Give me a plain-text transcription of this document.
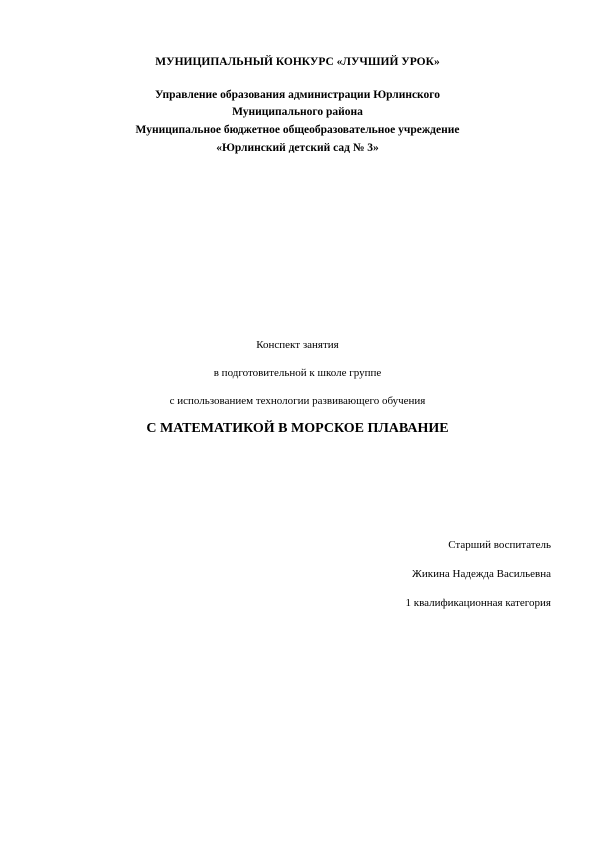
МУНИЦИПАЛЬНЫЙ КОНКУРС «ЛУЧШИЙ УРОК»
Управление образования администрации Юрлинского
Муниципального района
Муниципальное бюджетное общеобразовательное учреждение
«Юрлинский детский сад № 3»
Конспект занятия
в подготовительной к школе группе
с использованием технологии развивающего обучения
С МАТЕМАТИКОЙ В МОРСКОЕ ПЛАВАНИЕ
Старший воспитатель
Жикина Надежда Васильевна
1 квалификационная категория
